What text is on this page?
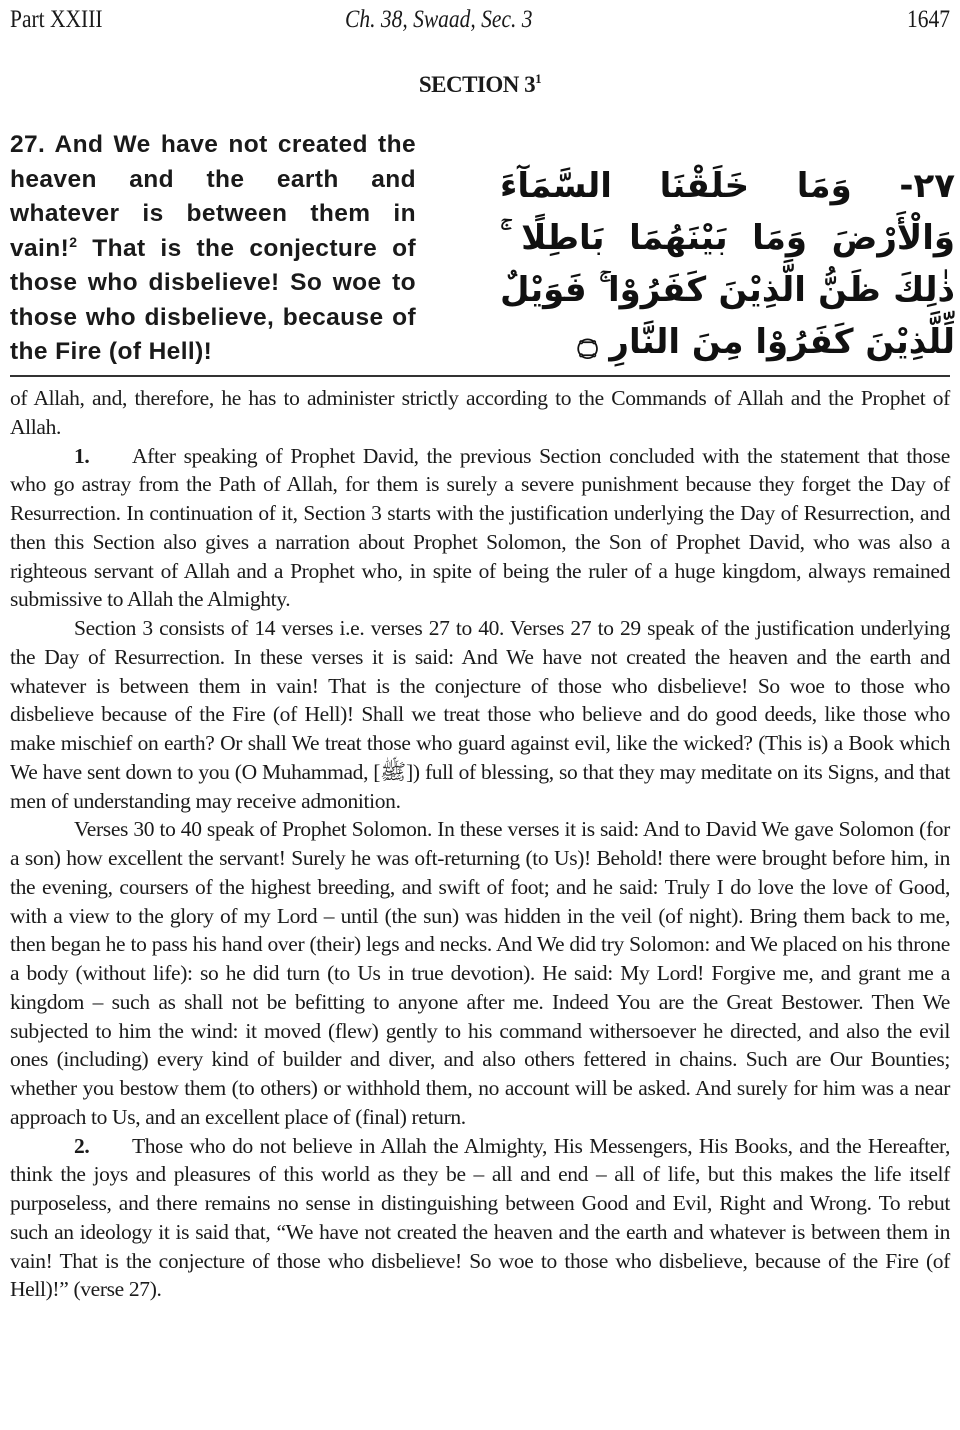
Part XXIII	Ch. 38, Swaad, Sec. 3	1647
SECTION $3^1$
27. And We have not created the heaven and the earth and whatever is between them in vain!$^2$ That is the conjecture of those who disbelieve! So woe to those who disbelieve, because of the Fire (of Hell)!
٢٧- وَمَا خَلَقْنَا السَّمَآءَ وَالْأَرْضَ وَمَا بَيْنَهُمَا بَاطِلًا ۚ ذٰلِكَ ظَنُّ الَّذِيْنَ كَفَرُوْا ۚ فَوَيْلٌ لِّلَّذِيْنَ كَفَرُوْا مِنَ النَّارِ ۝

of Allah, and, therefore, he has to administer strictly according to the Commands of Allah and the Prophet of Allah.

1. After speaking of Prophet David, the previous Section concluded with the statement that those who go astray from the Path of Allah, for them is surely a severe punishment because they forget the Day of Resurrection. In continuation of it, Section 3 starts with the justification underlying the Day of Resurrection, and then this Section also gives a narration about Prophet Solomon, the Son of Prophet David, who was also a righteous servant of Allah and a Prophet who, in spite of being the ruler of a huge kingdom, always remained submissive to Allah the Almighty.

Section 3 consists of 14 verses i.e. verses 27 to 40. Verses 27 to 29 speak of the justification underlying the Day of Resurrection. In these verses it is said: And We have not created the heaven and the earth and whatever is between them in vain! That is the conjecture of those who disbelieve! So woe to those who disbelieve because of the Fire (of Hell)! Shall we treat those who believe and do good deeds, like those who make mischief on earth? Or shall We treat those who guard against evil, like the wicked? (This is) a Book which We have sent down to you (O Muhammad, [ﷺ]) full of blessing, so that they may meditate on its Signs, and that men of understanding may receive admonition.

Verses 30 to 40 speak of Prophet Solomon. In these verses it is said: And to David We gave Solomon (for a son) how excellent the servant! Surely he was oft-returning (to Us)! Behold! there were brought before him, in the evening, coursers of the highest breeding, and swift of foot; and he said: Truly I do love the love of Good, with a view to the glory of my Lord – until (the sun) was hidden in the veil (of night). Bring them back to me, then began he to pass his hand over (their) legs and necks. And We did try Solomon: and We placed on his throne a body (without life): so he did turn (to Us in true devotion). He said: My Lord! Forgive me, and grant me a kingdom – such as shall not be befitting to anyone after me. Indeed You are the Great Bestower. Then We subjected to him the wind: it moved (flew) gently to his command withersoever he directed, and also the evil ones (including) every kind of builder and diver, and also others fettered in chains. Such are Our Bounties; whether you bestow them (to others) or withhold them, no account will be asked. And surely for him was a near approach to Us, and an excellent place of (final) return.

2. Those who do not believe in Allah the Almighty, His Messengers, His Books, and the Hereafter, think the joys and pleasures of this world as they be – all and end – all of life, but this makes the life itself purposeless, and there remains no sense in distinguishing between Good and Evil, Right and Wrong. To rebut such an ideology it is said that, “We have not created the heaven and the earth and whatever is between them in vain! That is the conjecture of those who disbelieve! So woe to those who disbelieve, because of the Fire (of Hell)!” (verse 27).
